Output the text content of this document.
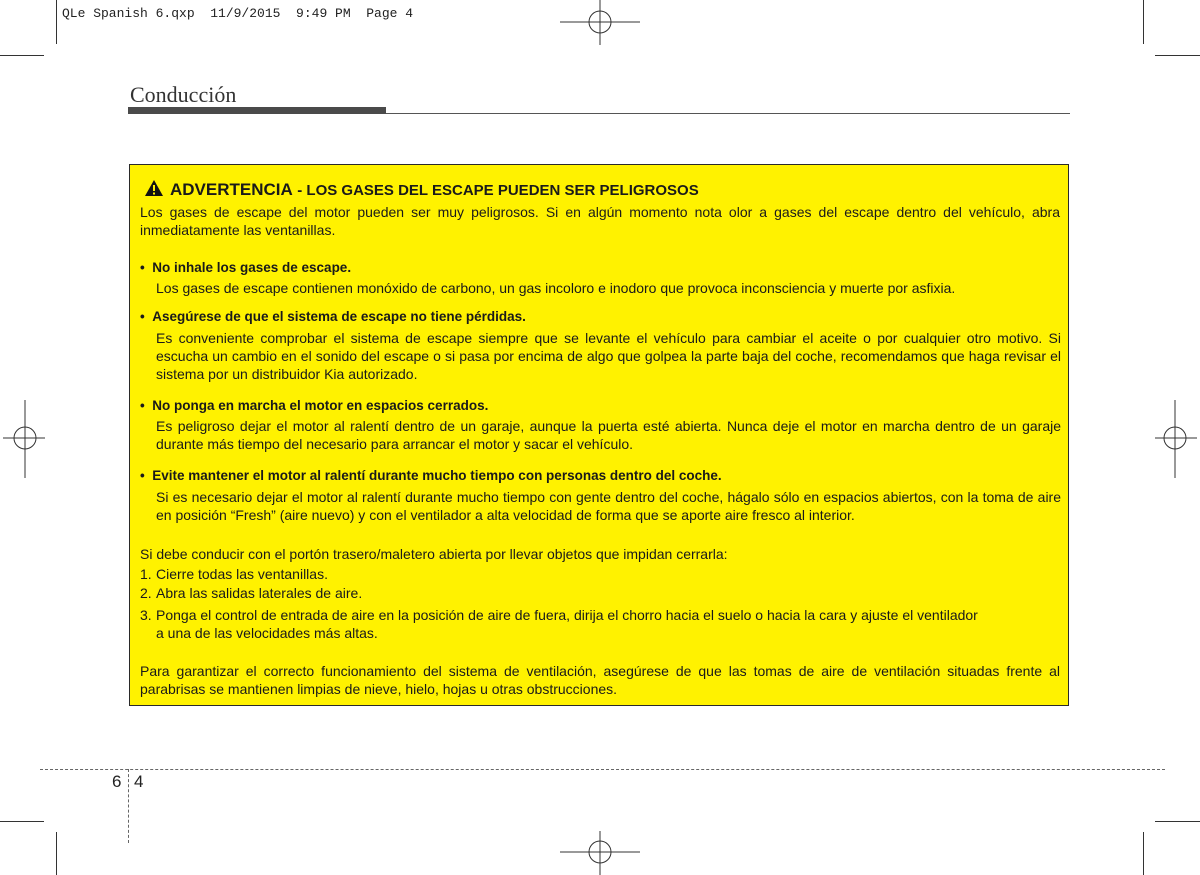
QLe Spanish 6.qxp  11/9/2015  9:49 PM  Page 4
Conducción
ADVERTENCIA - LOS GASES DEL ESCAPE PUEDEN SER PELIGROSOS
Los gases de escape del motor pueden ser muy peligrosos. Si en algún momento nota olor a gases del escape dentro del vehículo, abra inmediatamente las ventanillas.
•  No inhale los gases de escape.
Los gases de escape contienen monóxido de carbono, un gas incoloro e inodoro que provoca inconsciencia y muerte por asfixia.
•  Asegúrese de que el sistema de escape no tiene pérdidas.
Es conveniente comprobar el sistema de escape siempre que se levante el vehículo para cambiar el aceite o por cualquier otro motivo. Si escucha un cambio en el sonido del escape o si pasa por encima de algo que golpea la parte baja del coche, recomendamos que haga revisar el sistema por un distribuidor Kia autorizado.
•  No ponga en marcha el motor en espacios cerrados.
Es peligroso dejar el motor al ralentí dentro de un garaje, aunque la puerta esté abierta. Nunca deje el motor en marcha dentro de un garaje durante más tiempo del necesario para arrancar el motor y sacar el vehículo.
•  Evite mantener el motor al ralentí durante mucho tiempo con personas dentro del coche.
Si es necesario dejar el motor al ralentí durante mucho tiempo con gente dentro del coche, hágalo sólo en espacios abiertos, con la toma de aire en posición “Fresh” (aire nuevo) y con el ventilador a alta velocidad de forma que se aporte aire fresco al interior.
Si debe conducir con el portón trasero/maletero abierta por llevar objetos que impidan cerrarla:
1. Cierre todas las ventanillas.
2. Abra las salidas laterales de aire.
3. Ponga el control de entrada de aire en la posición de aire de fuera, dirija el chorro hacia el suelo o hacia la cara y ajuste el ventilador
a una de las velocidades más altas.
Para garantizar el correcto funcionamiento del sistema de ventilación, asegúrese de que las tomas de aire de ventilación situadas frente al parabrisas se mantienen limpias de nieve, hielo, hojas u otras obstrucciones.
6 4
